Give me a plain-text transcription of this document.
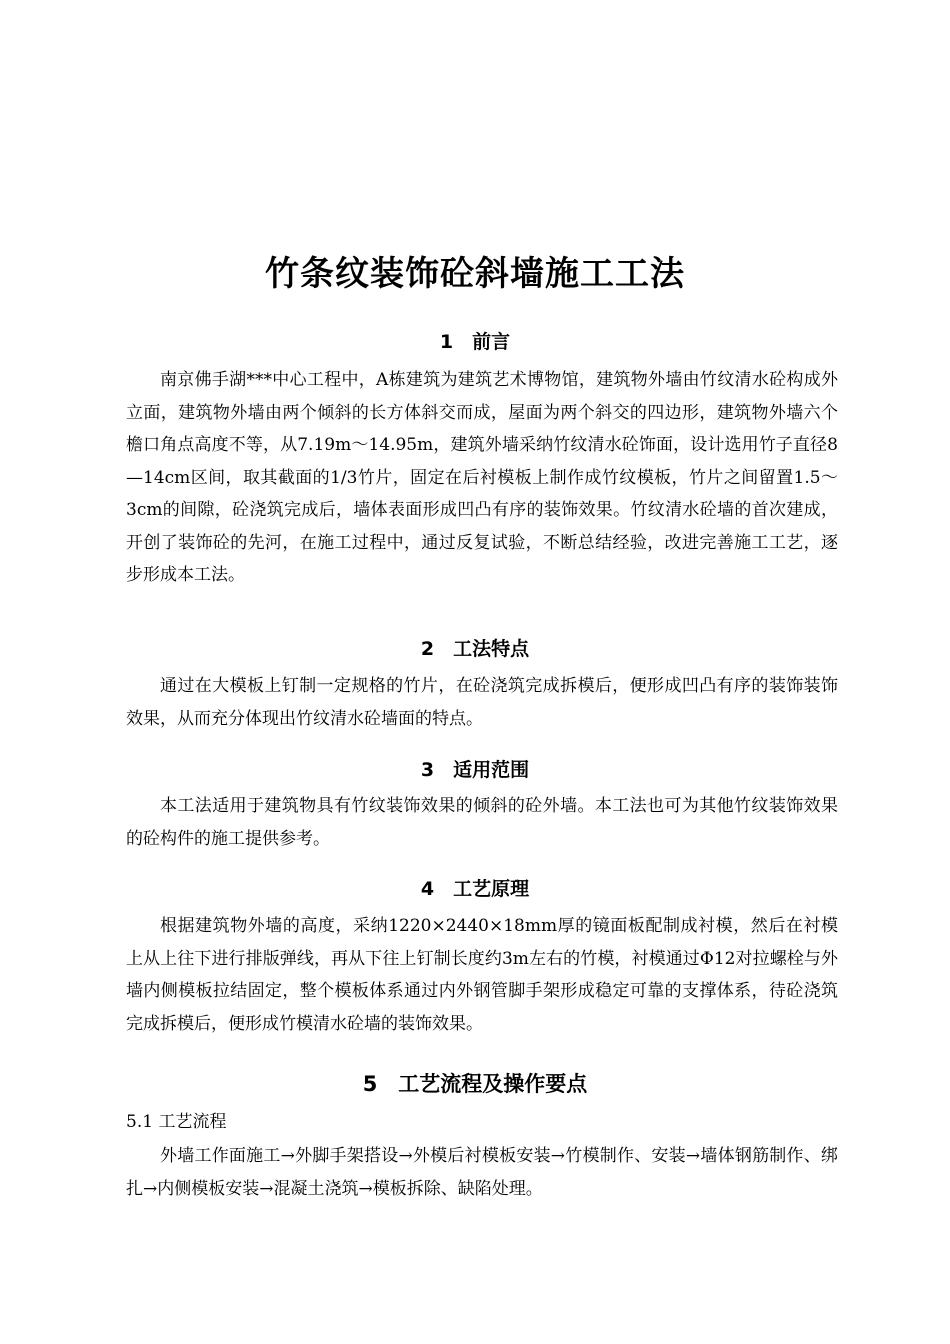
竹条纹装饰砼斜墙施工工法
1　前言

南京佛手湖***中心工程中，A栋建筑为建筑艺术博物馆，建筑物外墙由竹纹清水砼构成外立面，建筑物外墙由两个倾斜的长方体斜交而成，屋面为两个斜交的四边形，建筑物外墙六个檐口角点高度不等，从7.19m～14.95m，建筑外墙采纳竹纹清水砼饰面，设计选用竹子直径8—14cm区间，取其截面的1/3竹片，固定在后衬模板上制作成竹纹模板，竹片之间留置1.5～3cm的间隙，砼浇筑完成后，墙体表面形成凹凸有序的装饰效果。竹纹清水砼墙的首次建成，开创了装饰砼的先河，在施工过程中，通过反复试验，不断总结经验，改进完善施工工艺，逐步形成本工法。

2　工法特点

通过在大模板上钉制一定规格的竹片，在砼浇筑完成拆模后，便形成凹凸有序的装饰装饰效果，从而充分体现出竹纹清水砼墙面的特点。

3　适用范围

本工法适用于建筑物具有竹纹装饰效果的倾斜的砼外墙。本工法也可为其他竹纹装饰效果的砼构件的施工提供参考。

4　工艺原理

根据建筑物外墙的高度，采纳1220×2440×18mm厚的镜面板配制成衬模，然后在衬模上从上往下进行排版弹线，再从下往上钉制长度约3m左右的竹模，衬模通过Φ12对拉螺栓与外墙内侧模板拉结固定，整个模板体系通过内外钢管脚手架形成稳定可靠的支撑体系，待砼浇筑完成拆模后，便形成竹模清水砼墙的装饰效果。

5　工艺流程及操作要点

5.1 工艺流程

外墙工作面施工→外脚手架搭设→外模后衬模板安装→竹模制作、安装→墙体钢筋制作、绑扎→内侧模板安装→混凝土浇筑→模板拆除、缺陷处理。
